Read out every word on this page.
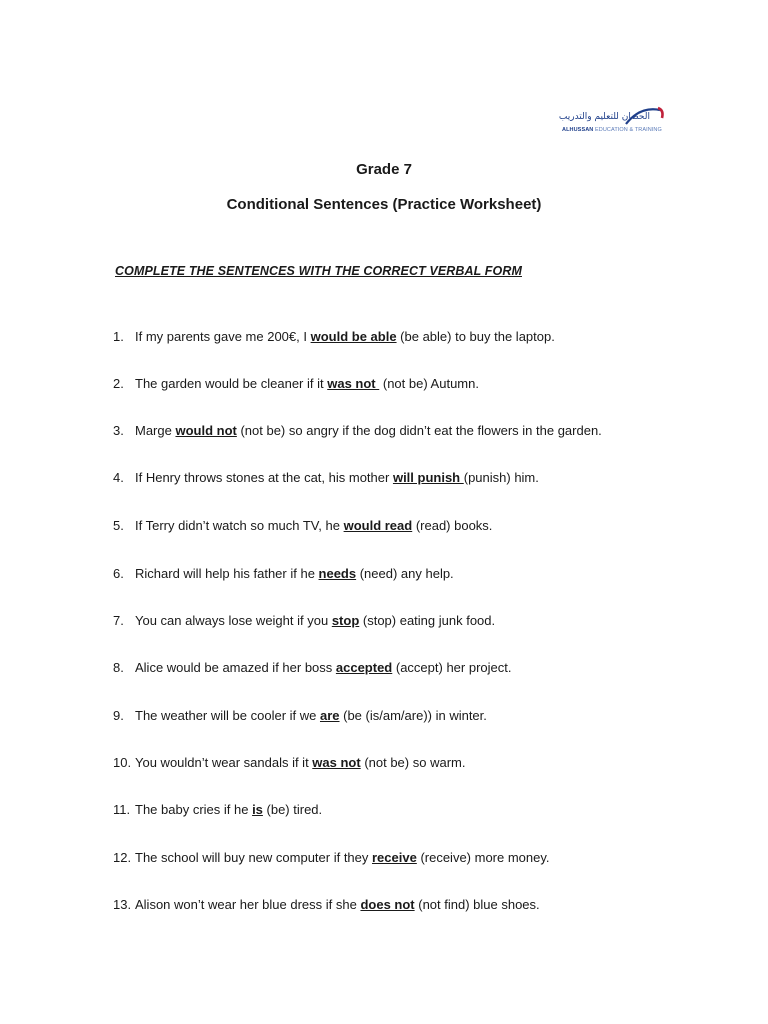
الحصان للتعليم والتدريب
ALHUSSAN EDUCATION & TRAINING
Grade 7
Conditional Sentences (Practice Worksheet)
COMPLETE THE SENTENCES WITH THE CORRECT VERBAL FORM
1. If my parents gave me 200€, I would be able (be able) to buy the laptop.
2. The garden would be cleaner if it was not  (not be) Autumn.
3. Marge would not (not be) so angry if the dog didn’t eat the flowers in the garden.
4. If Henry throws stones at the cat, his mother will punish (punish) him.
5. If Terry didn’t watch so much TV, he would read (read) books.
6. Richard will help his father if he needs (need) any help.
7. You can always lose weight if you stop (stop) eating junk food.
8. Alice would be amazed if her boss accepted (accept) her project.
9. The weather will be cooler if we are (be (is/am/are)) in winter.
10. You wouldn’t wear sandals if it was not (not be) so warm.
11. The baby cries if he is (be) tired.
12. The school will buy new computer if they receive (receive) more money.
13. Alison won’t wear her blue dress if she does not (not find) blue shoes.
